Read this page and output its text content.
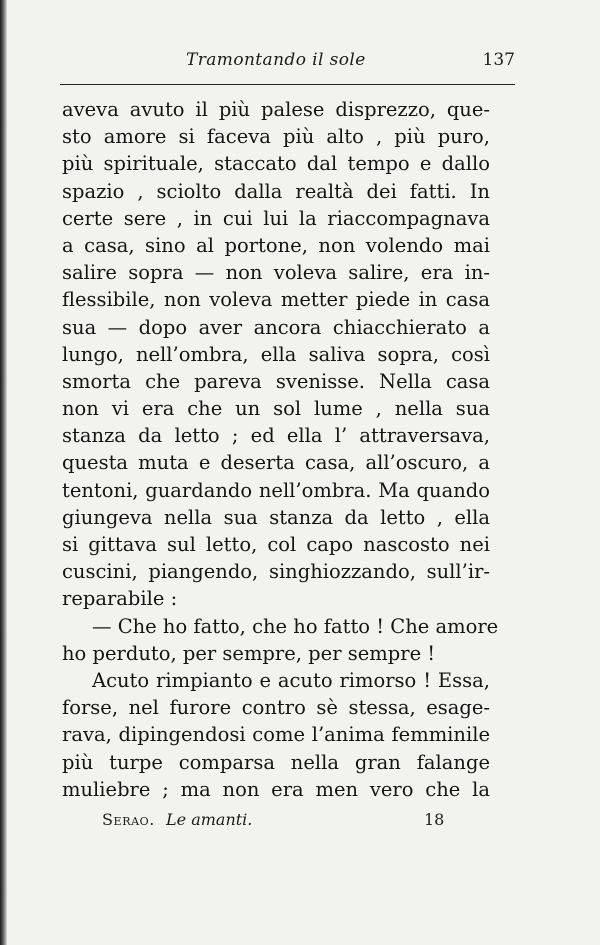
Tramontando il sole	137
aveva avuto il più palese disprezzo, que-
sto amore si faceva più alto , più puro,
più spirituale, staccato dal tempo e dallo
spazio , sciolto dalla realtà dei fatti. In
certe sere , in cui lui la riaccompagnava
a casa, sino al portone, non volendo mai
salire sopra — non voleva salire, era in-
flessibile, non voleva metter piede in casa
sua — dopo aver ancora chiacchierato a
lungo, nell’ombra, ella saliva sopra, così
smorta che pareva svenisse. Nella casa
non vi era che un sol lume , nella sua
stanza da letto ; ed ella l’ attraversava,
questa muta e deserta casa, all’oscuro, a
tentoni, guardando nell’ombra. Ma quando
giungeva nella sua stanza da letto , ella
si gittava sul letto, col capo nascosto nei
cuscini, piangendo, singhiozzando, sull’ir-
reparabile :
— Che ho fatto, che ho fatto ! Che amore
ho perduto, per sempre, per sempre !
Acuto rimpianto e acuto rimorso ! Essa,
forse, nel furore contro sè stessa, esage-
rava, dipingendosi come l’anima femminile
più turpe comparsa nella gran falange
muliebre ; ma non era men vero che la
Serao. Le amanti.	18
